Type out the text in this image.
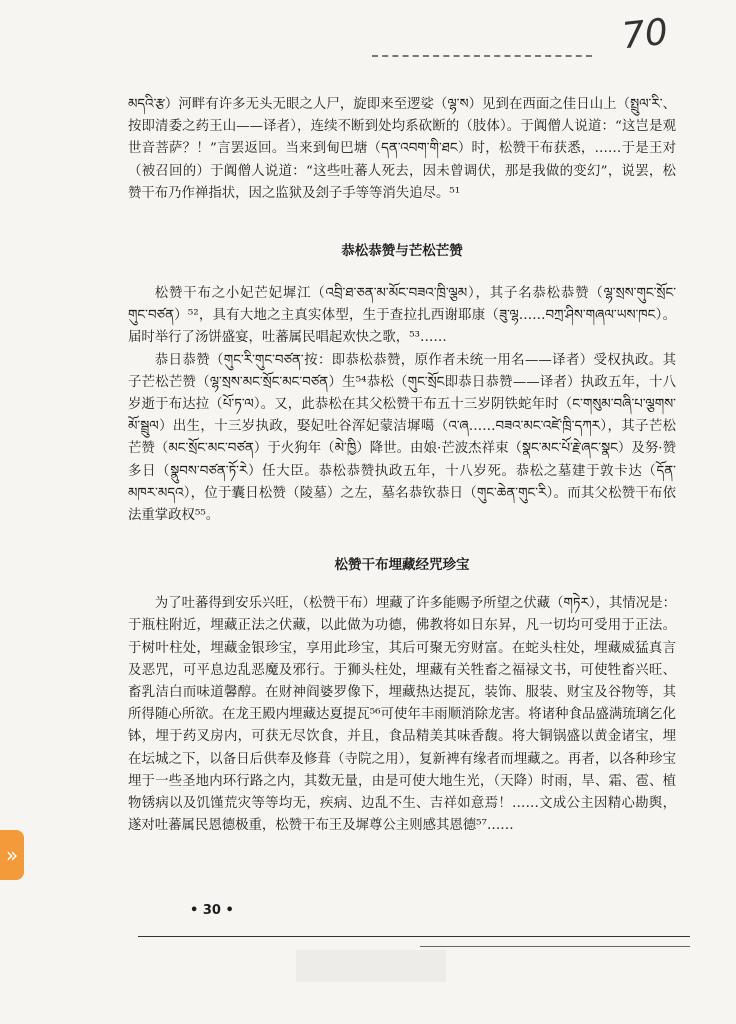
70

མདའི་རྩ）河畔有许多无头无眼之人尸，旋即来至逻娑（ལྷ་ས）见到在西面之佳日山上（སྤྲུལ་རི་、按即清委之药王山——译者），连续不断到处均系砍断的（肢体）。于阗僧人说道：“这岂是观世音菩萨？！”言罢返回。当来到甸巴塘（དན་འབག་གི་ཐང）时，松赞干布获悉，……于是王对（被召回的）于阗僧人说道：“这些吐蕃人死去，因未曾调伏，那是我做的变幻”，说罢，松赞干布乃作禅指状，因之监狱及刽子手等等消失追尽。⁵¹

恭松恭赞与芒松芒赞

松赞干布之小妃芒妃墀江（འབྲི་ཐ་ཅན་མ་མོང་བཟའ་ཁྲི་ལྕམ），其子名恭松恭赞（ལྷ་སྲས་གུང་སྲོང་གུང་བཙན）⁵²，具有大地之主真实体型，生于查拉扎西谢耶康（ཟུ་ལྷ……བཀྲ་ཤིས་གཞལ་ཡས་ཁང）。届时举行了汤饼盛宴，吐蕃属民唱起欢快之歌，⁵³……

恭日恭赞（གུང་རི་གུང་བཙན་按：即恭松恭赞，原作者未统一用名——译者）受权执政。其子芒松芒赞（ལྷ་སྲས་མང་སྲོང་མང་བཙན）生⁵⁴恭松（གུང་སྲོང即恭日恭赞——译者）执政五年，十八岁逝于布达拉（པོ་ཏ་ལ）。又，此恭松在其父松赞干布五十三岁阴铁蛇年时（ང་གསུམ་བཞི་པ་ལྕགས་མོ་སྦྲུལ）出生，十三岁执政，娶妃吐谷浑妃蒙洁墀噶（འ་ཞ……བཟའ་མང་འཛེ་ཁྲི་དཀར），其子芒松芒赞（མང་སྲོང་མང་བཙན）于火狗年（མེ་ཁྱི）降世。由娘·芒波杰祥束（སྣང་མང་པོ་རྗེ་ཞང་སྣང）及努·赞多日（སྣུབས་བཙན་ཏོ་རེ）任大臣。恭松恭赞执政五年，十八岁死。恭松之墓建于敦卡达（དོན་མཁར་མདའ），位于囊日松赞（陵墓）之左，墓名恭钦恭日（གུང་ཆེན་གུང་རི）。而其父松赞干布依法重掌政权⁵⁵。

松赞干布埋藏经咒珍宝

为了吐蕃得到安乐兴旺，（松赞干布）埋藏了许多能赐予所望之伏藏（གཏེར），其情况是：于瓶柱附近，埋藏正法之伏藏，以此做为功德，佛教将如日东昇，凡一切均可受用于正法。于树叶柱处，埋藏金银珍宝，享用此珍宝，其后可聚无穷财富。在蛇头柱处，埋藏威猛真言及恶咒，可平息边乱恶魔及邪行。于狮头柱处，埋藏有关牲畜之福禄文书，可使牲畜兴旺、畜乳洁白而味道馨醇。在财神阎婆罗像下，埋藏热达提瓦，装饰、服装、财宝及谷物等，其所得随心所欲。在龙王殿内埋藏达夏提瓦⁵⁶可使年丰雨顺消除龙害。将诸种食品盛满琉璃乞化钵，埋于药叉房内，可获无尽饮食，并且，食品精美其味香馥。将大铜锅盛以黄金诸宝，埋在坛城之下，以备日后供奉及修葺（寺院之用），复新裨有缘者而埋藏之。再者，以各种珍宝埋于一些圣地内环行路之内，其数无量，由是可使大地生光，（天降）时雨，旱、霜、雹、植物锈病以及饥馑荒灾等等均无，疾病、边乱不生、吉祥如意焉！……文成公主因精心勘舆，遂对吐蕃属民恩德极重，松赞干布王及墀尊公主则感其恩德⁵⁷……

• 30 •
»
